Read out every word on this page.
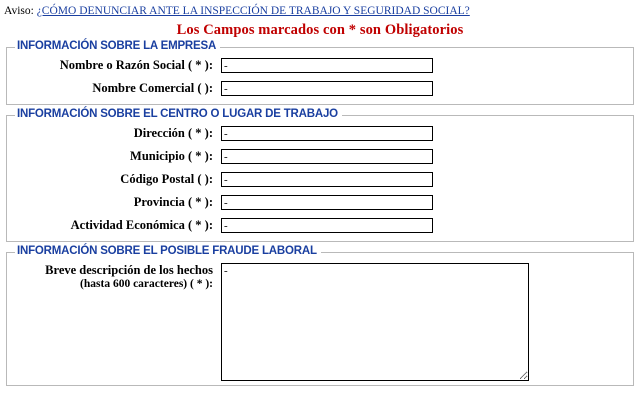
Aviso: ¿CÓMO DENUNCIAR ANTE LA INSPECCIÓN DE TRABAJO Y SEGURIDAD SOCIAL?
Los Campos marcados con * son Obligatorios
INFORMACIÓN SOBRE LA EMPRESA
Nombre o Razón Social ( * ):
-
Nombre Comercial ( ):
-
INFORMACIÓN SOBRE EL CENTRO O LUGAR DE TRABAJO
Dirección ( * ):
-
Municipio ( * ):
-
Código Postal ( ):
-
Provincia ( * ):
-
Actividad Económica ( * ):
-
INFORMACIÓN SOBRE EL POSIBLE FRAUDE LABORAL
Breve descripción de los hechos
(hasta 600 caracteres) ( * ):
-
